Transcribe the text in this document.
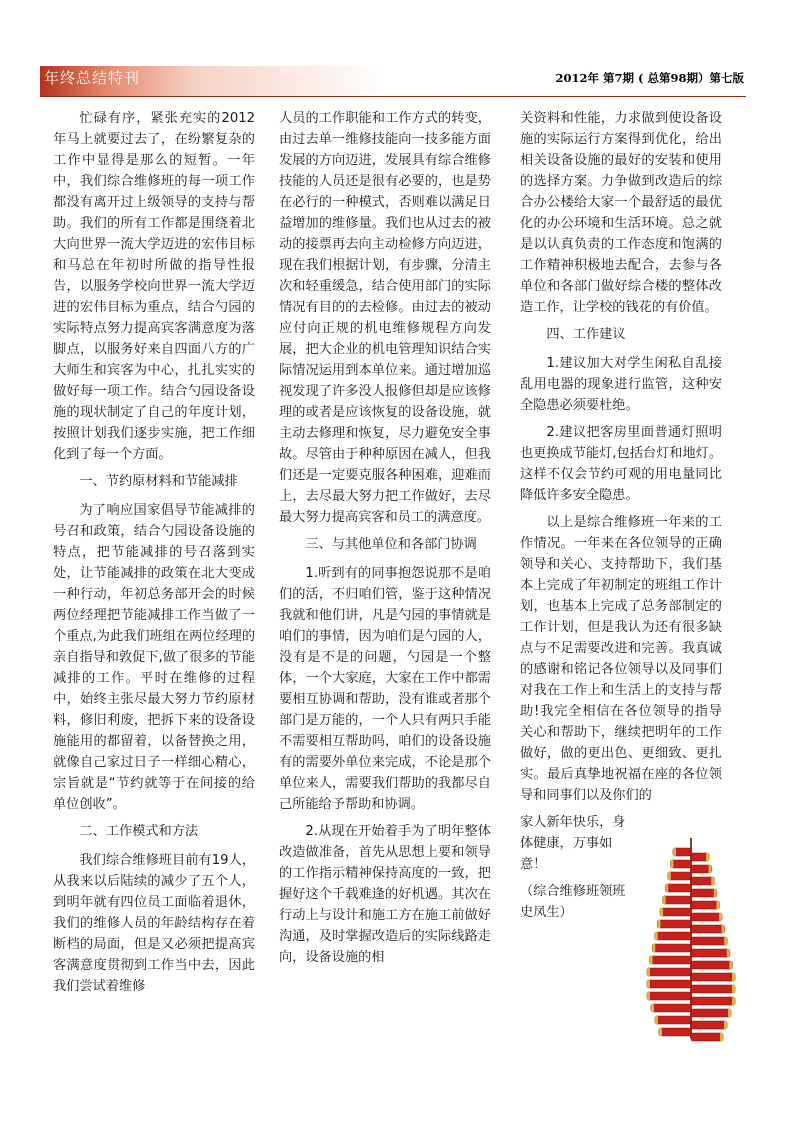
年终总结特刊	2012年 第7期 ( 总第98期）第七版

忙碌有序，紧张充实的2012年马上就要过去了，在纷繁复杂的工作中显得是那么的短暂。一年中，我们综合维修班的每一项工作都没有离开过上级领导的支持与帮助。我们的所有工作都是围绕着北大向世界一流大学迈进的宏伟目标和马总在年初时所做的指导性报告，以服务学校向世界一流大学迈进的宏伟目标为重点，结合勺园的实际特点努力提高宾客满意度为落脚点，以服务好来自四面八方的广大师生和宾客为中心，扎扎实实的做好每一项工作。结合勺园设备设施的现状制定了自己的年度计划，按照计划我们逐步实施，把工作细化到了每一个方面。

一、节约原材料和节能减排

为了响应国家倡导节能减排的号召和政策，结合勺园设备设施的特点，把节能减排的号召落到实处，让节能减排的政策在北大变成一种行动，年初总务部开会的时候两位经理把节能减排工作当做了一个重点,为此我们班组在两位经理的亲自指导和敦促下,做了很多的节能减排的工作。平时在维修的过程中，始终主张尽最大努力节约原材料，修旧利废，把拆下来的设备设施能用的都留着，以备替换之用，就像自己家过日子一样细心精心，宗旨就是“节约就等于在间接的给单位创收”。

二、工作模式和方法

我们综合维修班目前有19人，从我来以后陆续的减少了五个人，到明年就有四位员工面临着退休，我们的维修人员的年龄结构存在着断档的局面，但是又必须把提高宾客满意度贯彻到工作当中去，因此我们尝试着维修

人员的工作职能和工作方式的转变，由过去单一维修技能向一技多能方面发展的方向迈进，发展具有综合维修技能的人员还是很有必要的，也是势在必行的一种模式，否则难以满足日益增加的维修量。我们也从过去的被动的接票再去向主动检修方向迈进，现在我们根据计划，有步骤，分清主次和轻重缓急，结合使用部门的实际情况有目的的去检修。由过去的被动应付向正规的机电维修规程方向发展，把大企业的机电管理知识结合实际情况运用到本单位来。通过增加巡视发现了许多没人报修但却是应该修理的或者是应该恢复的设备设施，就主动去修理和恢复，尽力避免安全事故。尽管由于种种原因在减人，但我们还是一定要克服各种困难，迎难而上，去尽最大努力把工作做好，去尽最大努力提高宾客和员工的满意度。

三、与其他单位和各部门协调

1.听到有的同事抱怨说那不是咱们的活，不归咱们管，鉴于这种情况我就和他们讲，凡是勺园的事情就是咱们的事情，因为咱们是勺园的人，没有是不是的问题，勺园是一个整体，一个大家庭，大家在工作中都需要相互协调和帮助，没有谁或者那个部门是万能的，一个人只有两只手能不需要相互帮助吗，咱们的设备设施有的需要外单位来完成，不论是那个单位来人，需要我们帮助的我都尽自己所能给予帮助和协调。

2.从现在开始着手为了明年整体改造做准备，首先从思想上要和领导的工作指示精神保持高度的一致，把握好这个千载难逢的好机遇。其次在行动上与设计和施工方在施工前做好沟通，及时掌握改造后的实际线路走向，设备设施的相

关资料和性能，力求做到使设备设施的实际运行方案得到优化，给出相关设备设施的最好的安装和使用的选择方案。力争做到改造后的综合办公楼给大家一个最舒适的最优化的办公环境和生活环境。总之就是以认真负责的工作态度和饱满的工作精神积极地去配合，去参与各单位和各部门做好综合楼的整体改造工作，让学校的钱花的有价值。

四、工作建议

1.建议加大对学生闲私自乱接乱用电器的现象进行监管，这种安全隐患必须要杜绝。

2.建议把客房里面普通灯照明也更换成节能灯,包括台灯和地灯。这样不仅会节约可观的用电量同比降低许多安全隐患。

以上是综合维修班一年来的工作情况。一年来在各位领导的正确领导和关心、支持帮助下，我们基本上完成了年初制定的班组工作计划，也基本上完成了总务部制定的工作计划，但是我认为还有很多缺点与不足需要改进和完善。我真诚的感谢和铭记各位领导以及同事们对我在工作上和生活上的支持与帮助!我完全相信在各位领导的指导关心和帮助下，继续把明年的工作做好，做的更出色、更细致、更扎实。最后真挚地祝福在座的各位领导和同事们以及你们的

家人新年快乐，身体健康，万事如意！

（综合维修班领班　史凤生）
